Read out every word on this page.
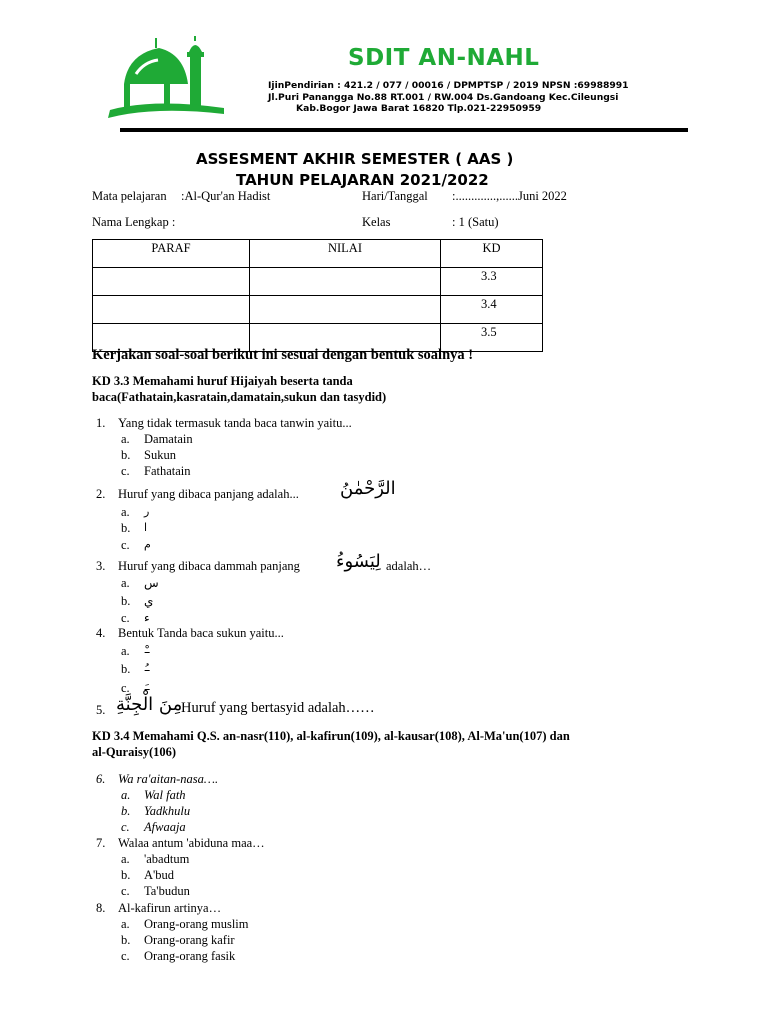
SDIT AN-NAHL
IjinPendirian : 421.2 / 077 / 00016 / DPMPTSP / 2019 NPSN :69988991
Jl.Puri Panangga No.88 RT.001 / RW.004 Ds.Gandoang Kec.Cileungsi
Kab.Bogor Jawa Barat 16820 Tlp.021-22950959
ASSESMENT AKHIR SEMESTER ( AAS )
TAHUN PELAJARAN 2021/2022
Mata pelajaran :Al-Qur'an Hadist	Hari/Tanggal :.............,......Juni 2022
Nama Lengkap :	Kelas	: 1 (Satu)
PARAF	NILAI	KD
		3.3
		3.4
		3.5
Kerjakan soal-soal berikut ini sesuai dengan bentuk soalnya !
KD 3.3 Memahami huruf Hijaiyah beserta tanda
baca(Fathatain,kasratain,damatain,sukun dan tasydid)
1. Yang tidak termasuk tanda baca tanwin yaitu...
a. Damatain
b. Sukun
c. Fathatain
2. Huruf yang dibaca panjang adalah... الرَّحْمٰنُ
a. ر
b. ا
c. م
3. Huruf yang dibaca dammah panjang لِيَسُوءُ adalah…
a. س
b. ي
c. ء
4. Bentuk Tanda baca sukun yaitu...
a. –ْ
b. –ُ
c. –َ
5. مِنَ الْجِنَّةِ
Huruf yang bertasyid adalah……
KD 3.4 Memahami Q.S. an-nasr(110), al-kafirun(109), al-kausar(108), Al-Ma'un(107) dan
al-Quraisy(106)
6. Wa ra'aitan-nasa….
a. Wal fath
b. Yadkhulu
c. Afwaaja
7. Walaa antum 'abiduna maa…
a. 'abadtum
b. A'bud
c. Ta'budun
8. Al-kafirun artinya…
a. Orang-orang muslim
b. Orang-orang kafir
c. Orang-orang fasik
